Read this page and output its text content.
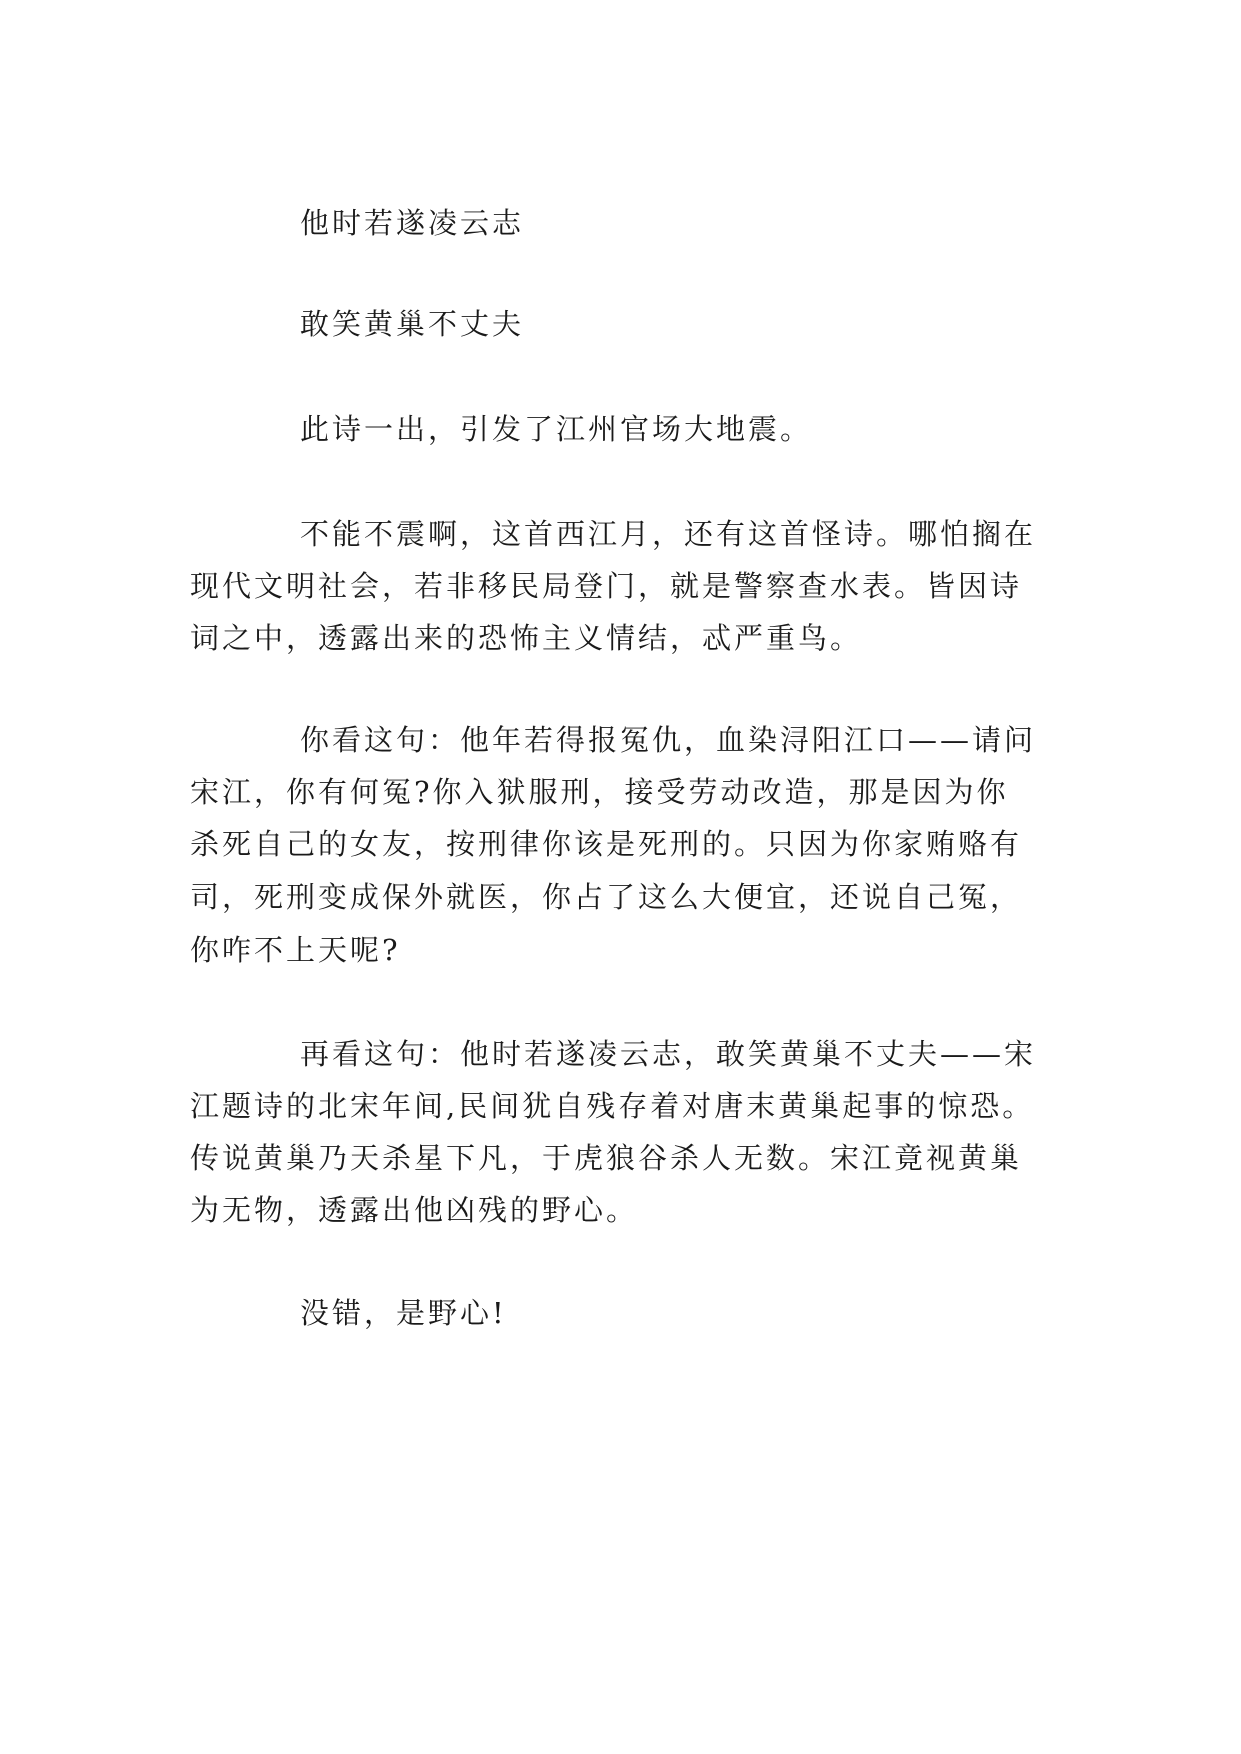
他时若遂凌云志

敢笑黄巢不丈夫

此诗一出，引发了江州官场大地震。

不能不震啊，这首西江月，还有这首怪诗。哪怕搁在

现代文明社会，若非移民局登门，就是警察查水表。皆因诗

词之中，透露出来的恐怖主义情结，忒严重鸟。

你看这句：他年若得报冤仇，血染浔阳江口——请问

宋江，你有何冤?你入狱服刑，接受劳动改造，那是因为你

杀死自己的女友，按刑律你该是死刑的。只因为你家贿赂有

司，死刑变成保外就医，你占了这么大便宜，还说自己冤，

你咋不上天呢?

再看这句：他时若遂凌云志，敢笑黄巢不丈夫——宋

江题诗的北宋年间,民间犹自残存着对唐末黄巢起事的惊恐。

传说黄巢乃天杀星下凡，于虎狼谷杀人无数。宋江竟视黄巢

为无物，透露出他凶残的野心。

没错，是野心!
